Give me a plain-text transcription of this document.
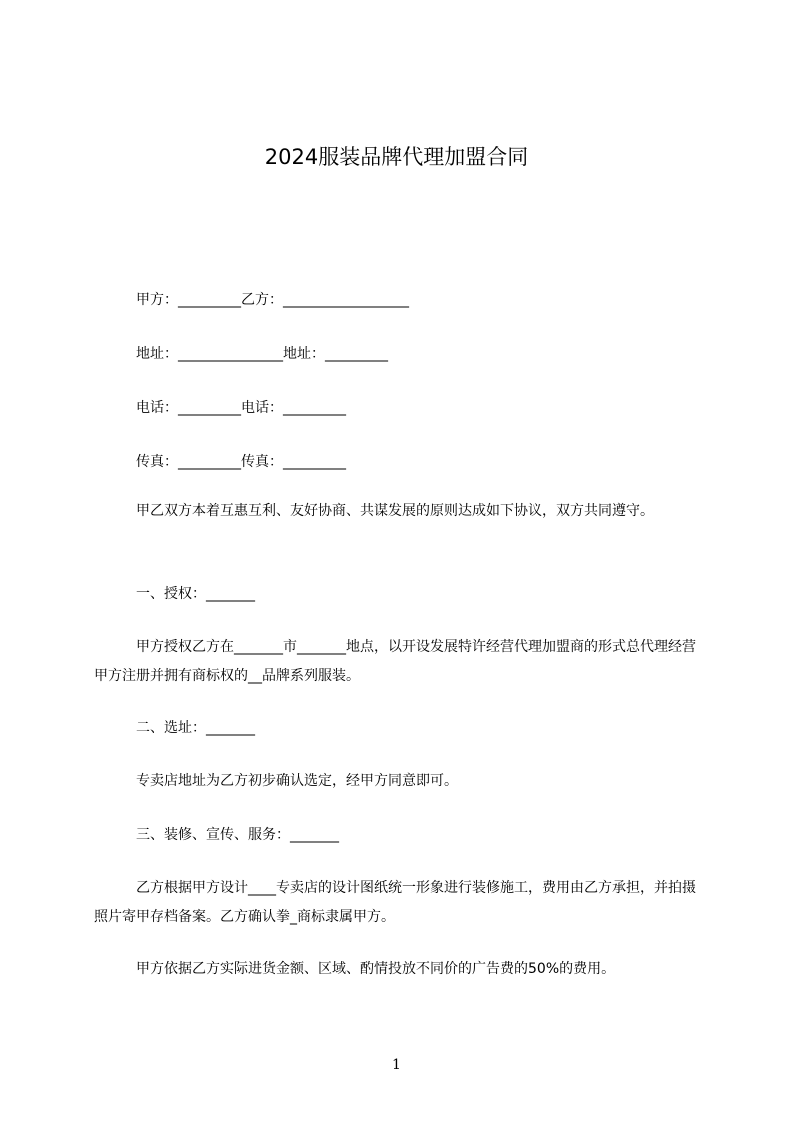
2024服装品牌代理加盟合同

甲方：_________乙方：__________________

地址：_______________地址：_________

电话：_________电话：_________

传真：_________传真：_________

甲乙双方本着互惠互利、友好协商、共谋发展的原则达成如下协议，双方共同遵守。

一、授权：_______

甲方授权乙方在_______市_______地点，以开设发展特许经营代理加盟商的形式总代理经营甲方注册并拥有商标权的__品牌系列服装。

二、选址：_______

专卖店地址为乙方初步确认选定，经甲方同意即可。

三、装修、宣传、服务：_______

乙方根据甲方设计____专卖店的设计图纸统一形象进行装修施工，费用由乙方承担，并拍摄照片寄甲存档备案。乙方确认拳_商标隶属甲方。

甲方依据乙方实际进货金额、区域、酌情投放不同价的广告费的50%的费用。

1
